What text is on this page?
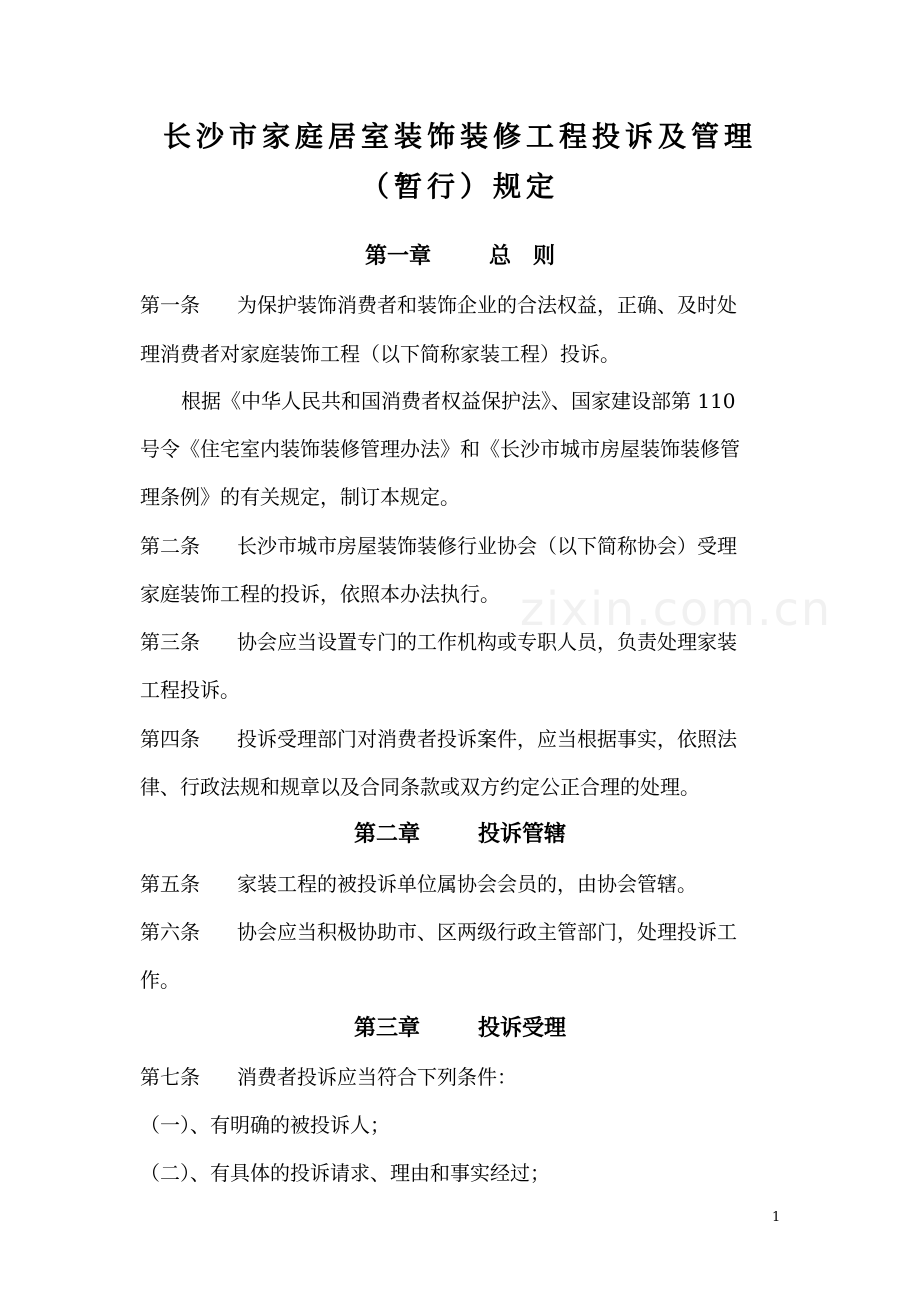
zixin.com.cn
长沙市家庭居室装饰装修工程投诉及管理
（暂行）规定
第一章	总　则
第一条 为保护装饰消费者和装饰企业的合法权益，正确、及时处
理消费者对家庭装饰工程（以下简称家装工程）投诉。
根据《中华人民共和国消费者权益保护法》、国家建设部第 110
号令《住宅室内装饰装修管理办法》和《长沙市城市房屋装饰装修管
理条例》的有关规定，制订本规定。
第二条 长沙市城市房屋装饰装修行业协会（以下简称协会）受理
家庭装饰工程的投诉，依照本办法执行。
第三条 协会应当设置专门的工作机构或专职人员，负责处理家装
工程投诉。
第四条 投诉受理部门对消费者投诉案件，应当根据事实，依照法
律、行政法规和规章以及合同条款或双方约定公正合理的处理。
第二章	投诉管辖
第五条 家装工程的被投诉单位属协会会员的，由协会管辖。
第六条 协会应当积极协助市、区两级行政主管部门，处理投诉工
作。
第三章	投诉受理
第七条 消费者投诉应当符合下列条件：
（一）、有明确的被投诉人；
（二）、有具体的投诉请求、理由和事实经过；
1
